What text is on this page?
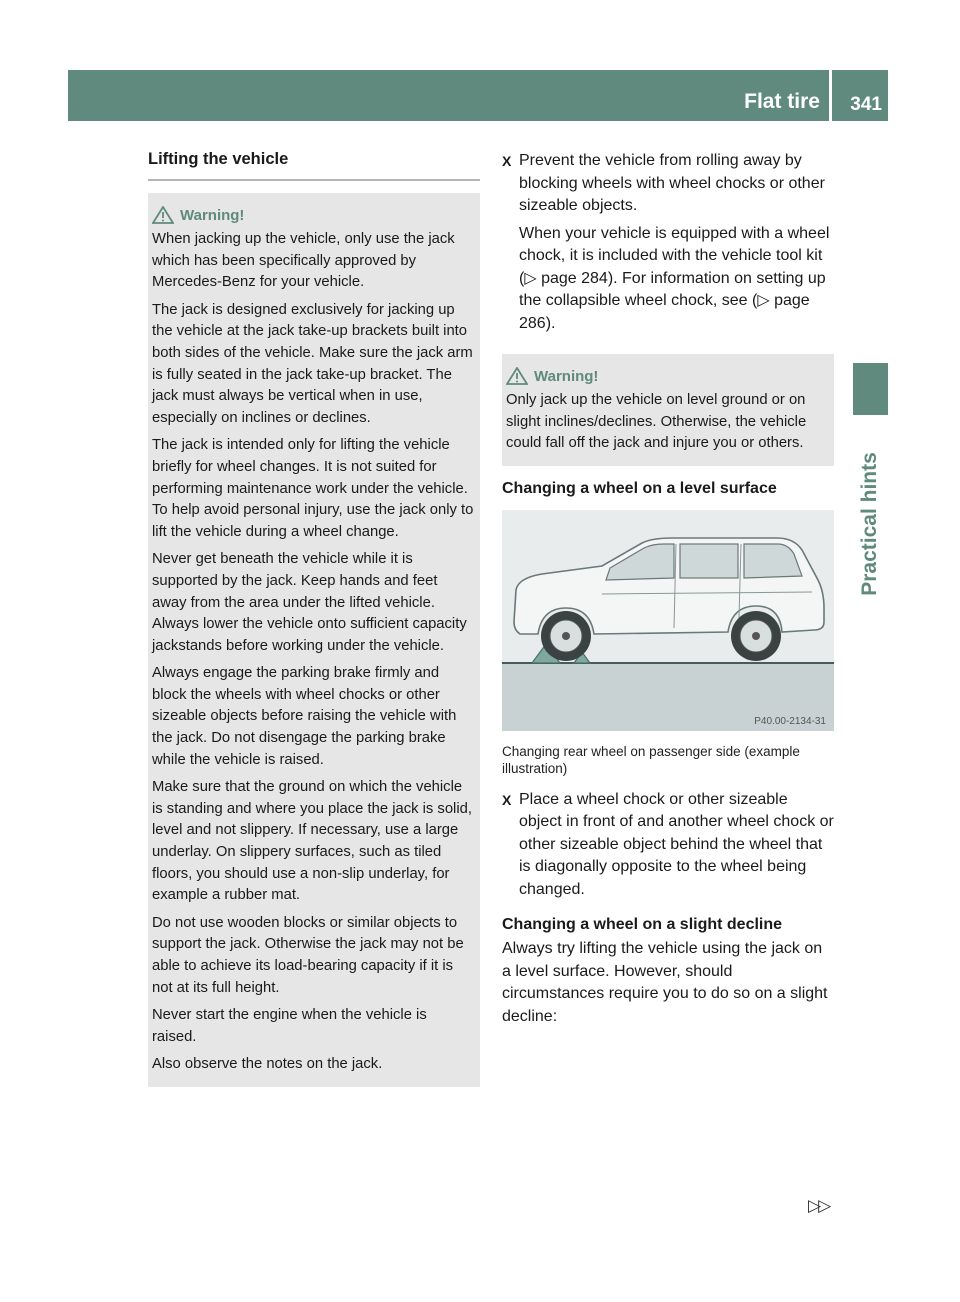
Flat tire 341
Practical hints
Lifting the vehicle
Warning!

When jacking up the vehicle, only use the jack which has been specifically approved by Mercedes-Benz for your vehicle.

The jack is designed exclusively for jacking up the vehicle at the jack take-up brackets built into both sides of the vehicle. Make sure the jack arm is fully seated in the jack take-up bracket. The jack must always be vertical when in use, especially on inclines or declines.

The jack is intended only for lifting the vehicle briefly for wheel changes. It is not suited for performing maintenance work under the vehicle. To help avoid personal injury, use the jack only to lift the vehicle during a wheel change.

Never get beneath the vehicle while it is supported by the jack. Keep hands and feet away from the area under the lifted vehicle. Always lower the vehicle onto sufficient capacity jackstands before working under the vehicle.

Always engage the parking brake firmly and block the wheels with wheel chocks or other sizeable objects before raising the vehicle with the jack. Do not disengage the parking brake while the vehicle is raised.

Make sure that the ground on which the vehicle is standing and where you place the jack is solid, level and not slippery. If necessary, use a large underlay. On slippery surfaces, such as tiled floors, you should use a non-slip underlay, for example a rubber mat.

Do not use wooden blocks or similar objects to support the jack. Otherwise the jack may not be able to achieve its load-bearing capacity if it is not at its full height.

Never start the engine when the vehicle is raised.

Also observe the notes on the jack.

X Prevent the vehicle from rolling away by blocking wheels with wheel chocks or other sizeable objects.
When your vehicle is equipped with a wheel chock, it is included with the vehicle tool kit (▷ page 284). For information on setting up the collapsible wheel chock, see (▷ page 286).
Warning!

Only jack up the vehicle on level ground or on slight inclines/declines. Otherwise, the vehicle could fall off the jack and injure you or others.

Changing a wheel on a level surface
P40.00-2134-31

Changing rear wheel on passenger side (example illustration)

X Place a wheel chock or other sizeable object in front of and another wheel chock or other sizeable object behind the wheel that is diagonally opposite to the wheel being changed.
Changing a wheel on a slight decline

Always try lifting the vehicle using the jack on a level surface. However, should circumstances require you to do so on a slight decline:

▷▷
